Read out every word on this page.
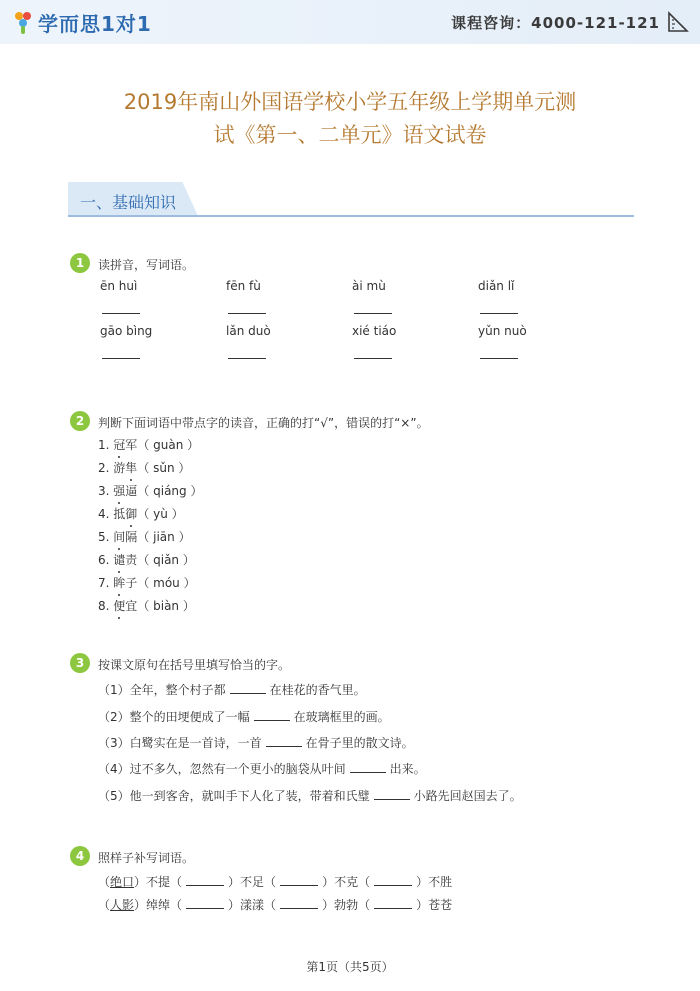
学而思1对1	课程咨询：4000-121-121
2019年南山外国语学校小学五年级上学期单元测
试《第一、二单元》语文试卷
一、基础知识
1	读拼音，写词语。
ēn huì	fēn fù	ài mù	diǎn lǐ
gāo bìng	lǎn duò	xié tiáo	yǔn nuò
2	判断下面词语中带点字的读音，正确的打“√”，错误的打“×”。
1. 冠军（ guàn ）
2. 游隼（ sǔn ）
3. 强逼（ qiáng ）
4. 抵御（ yù ）
5. 间隔（ jiān ）
6. 谴责（ qiǎn ）
7. 眸子（ móu ）
8. 便宜（ biàn ）
3	按课文原句在括号里填写恰当的字。
（1）全年，整个村子都	在桂花的香气里。
（2）整个的田埂便成了一幅	在玻璃框里的画。
（3）白鹭实在是一首诗，一首	在骨子里的散文诗。
（4）过不多久，忽然有一个更小的脑袋从叶间	出来。
（5）他一到客舍，就叫手下人化了装，带着和氏璧	小路先回赵国去了。
4	照样子补写词语。
（绝口）不提（	）不足（	）不克（	）不胜
（人影）绰绰（	）漾漾（	）勃勃（	）苍苍
第1页（共5页）
